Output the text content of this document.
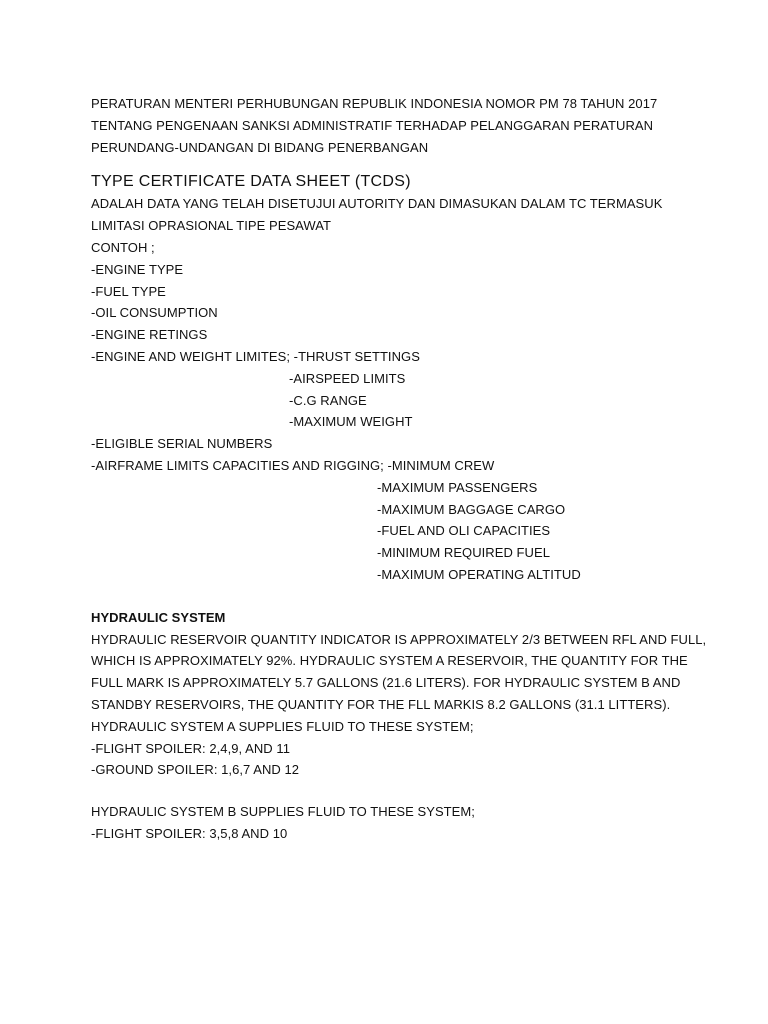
PERATURAN MENTERI PERHUBUNGAN REPUBLIK INDONESIA NOMOR PM 78 TAHUN 2017
TENTANG PENGENAAN SANKSI ADMINISTRATIF TERHADAP PELANGGARAN PERATURAN
PERUNDANG-UNDANGAN DI BIDANG PENERBANGAN
TYPE CERTIFICATE DATA SHEET (TCDS)
ADALAH DATA YANG TELAH DISETUJUI AUTORITY DAN DIMASUKAN DALAM TC TERMASUK
LIMITASI OPRASIONAL TIPE PESAWAT
CONTOH ;
-ENGINE TYPE
-FUEL TYPE
-OIL CONSUMPTION
-ENGINE RETINGS
-ENGINE AND WEIGHT LIMITES; -THRUST SETTINGS
-AIRSPEED LIMITS
-C.G RANGE
-MAXIMUM WEIGHT
-ELIGIBLE SERIAL NUMBERS
-AIRFRAME LIMITS CAPACITIES AND RIGGING; -MINIMUM CREW
-MAXIMUM PASSENGERS
-MAXIMUM BAGGAGE CARGO
-FUEL AND OLI CAPACITIES
-MINIMUM REQUIRED FUEL
-MAXIMUM OPERATING ALTITUD
HYDRAULIC SYSTEM
HYDRAULIC RESERVOIR QUANTITY INDICATOR IS APPROXIMATELY 2/3 BETWEEN RFL AND FULL,
WHICH IS APPROXIMATELY 92%. HYDRAULIC SYSTEM A RESERVOIR, THE QUANTITY FOR THE
FULL MARK IS APPROXIMATELY 5.7 GALLONS (21.6 LITERS). FOR HYDRAULIC SYSTEM B AND
STANDBY RESERVOIRS, THE QUANTITY FOR THE FLL MARKIS 8.2 GALLONS (31.1 LITTERS).
HYDRAULIC SYSTEM A SUPPLIES FLUID TO THESE SYSTEM;
-FLIGHT SPOILER: 2,4,9, AND 11
-GROUND SPOILER: 1,6,7 AND 12
HYDRAULIC SYSTEM B SUPPLIES FLUID TO THESE SYSTEM;
-FLIGHT SPOILER: 3,5,8 AND 10
